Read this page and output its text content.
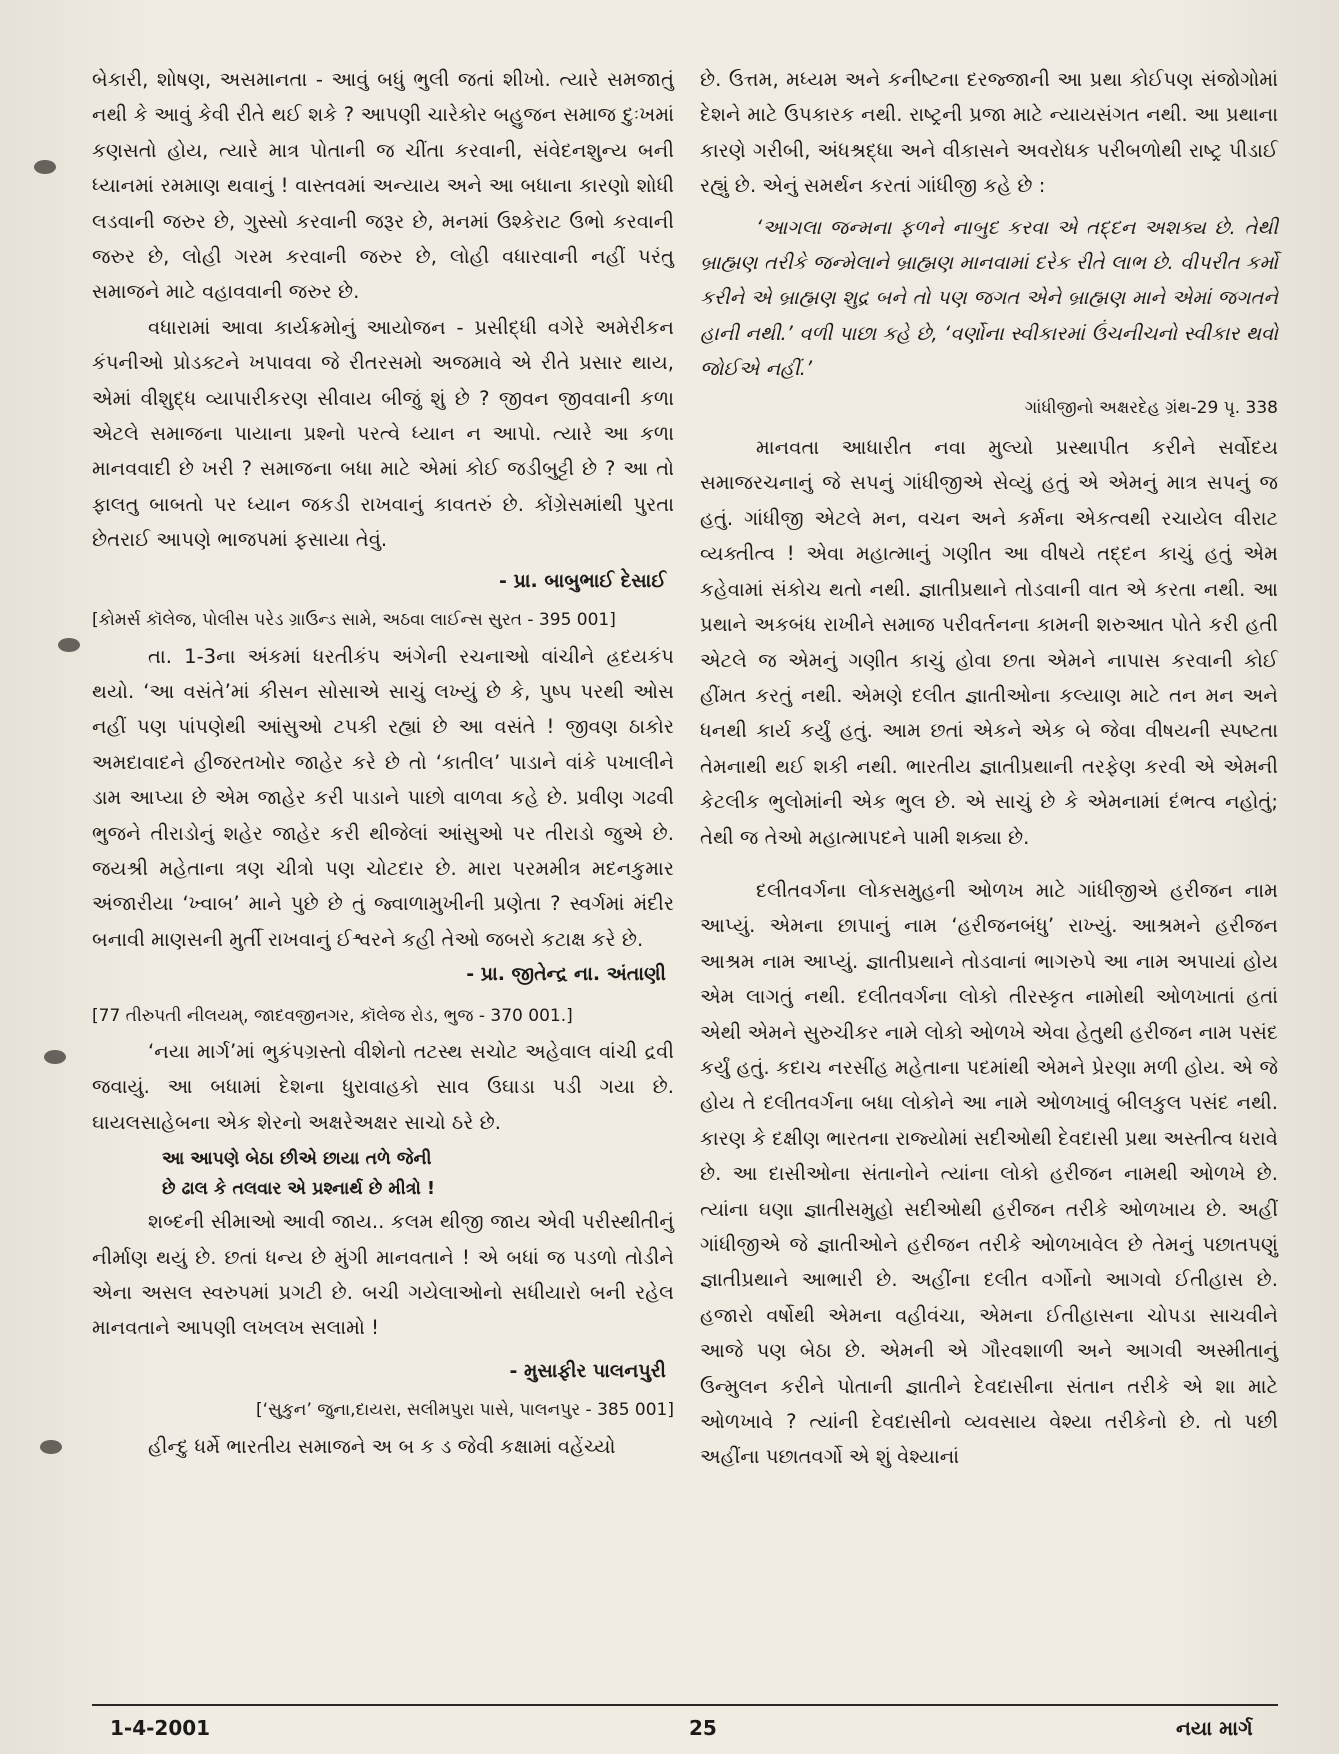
બેકારી, શોષણ, અસમાનતા - આવું બધું ભુલી જતાં શીખો. ત્યારે સમજાતું નથી કે આવું કેવી રીતે થઈ શકે ? આપણી ચારેકોર બહુજન સમાજ દુઃખમાં કણસતો હોય, ત્યારે માત્ર પોતાની જ ચીંતા કરવાની, સંવેદનશુન્ય બની ધ્યાનમાં રમમાણ થવાનું ! વાસ્તવમાં અન્યાય અને આ બધાના કારણો શોધી લડવાની જરુર છે, ગુસ્સો કરવાની જરૂર છે, મનમાં ઉશ્કેરાટ ઉભો કરવાની જરુર છે, લોહી ગરમ કરવાની જરુર છે, લોહી વધારવાની નહીં પરંતુ સમાજને માટે વહાવવાની જરુર છે.

વધારામાં આવા કાર્યક્રમોનું આયોજન - પ્રસીદ્ધી વગેરે અમેરીકન કંપનીઓ પ્રોડક્ટને ખપાવવા જે રીતરસમો અજમાવે એ રીતે પ્રસાર થાય, એમાં વીશુદ્ધ વ્યાપારીકરણ સીવાય બીજું શું છે ? જીવન જીવવાની કળા એટલે સમાજના પાયાના પ્રશ્નો પરત્વે ધ્યાન ન આપો. ત્યારે આ કળા માનવવાદી છે ખરી ? સમાજના બધા માટે એમાં કોઈ જડીબુટ્ટી છે ? આ તો ફાલતુ બાબતો પર ધ્યાન જકડી રાખવાનું કાવતરું છે. કોંગ્રેસમાંથી પુરતા છેતરાઈ આપણે ભાજપમાં ફસાયા તેવું.

- પ્રા. બાબુભાઈ દેસાઈ

[કોમર્સ કૉલેજ, પોલીસ પરેડ ગ્રાઉન્ડ સામે, અઠવા લાઈન્સ સુરત - 395 001]

તા. 1-3ના અંકમાં ધરતીકંપ અંગેની રચનાઓ વાંચીને હ્રદયકંપ થયો. ‘આ વસંતે’માં કીસન સોસાએ સાચું લખ્યું છે કે, પુષ્પ પરથી ઓસ નહીં પણ પાંપણેથી આંસુઓ ટપકી રહ્યાં છે આ વસંતે ! જીવણ ઠાકોર અમદાવાદને હીજરતખોર જાહેર કરે છે તો ‘કાતીલ’ પાડાને વાંકે પખાલીને ડામ આપ્યા છે એમ જાહેર કરી પાડાને પાછો વાળવા કહે છે. પ્રવીણ ગઢવી ભુજને તીરાડોનું શહેર જાહેર કરી થીજેલાં આંસુઓ પર તીરાડો જુએ છે. જયશ્રી મહેતાના ત્રણ ચીત્રો પણ ચોટદાર છે. મારા પરમમીત્ર મદનકુમાર અંજારીયા ‘ખ્વાબ’ માને પુછે છે તું જ્વાળામુખીની પ્રણેતા ? સ્વર્ગમાં મંદીર બનાવી માણસની મુર્તી રાખવાનું ઈશ્વરને કહી તેઓ જબરો કટાક્ષ કરે છે.

- પ્રા. જીતેન્દ્ર ના. અંતાણી

[77 તીરુપતી નીલયમ્, જાદવજીનગર, કૉલેજ રોડ, ભુજ - 370 001.]

‘નયા માર્ગ’માં ભુકંપગ્રસ્તો વીશેનો તટસ્થ સચોટ અહેવાલ વાંચી દ્રવી જવાયું. આ બધામાં દેશના ધુરાવાહકો સાવ ઉઘાડા પડી ગયા છે. ઘાયલસાહેબના એક શેરનો અક્ષરેઅક્ષર સાચો ઠરે છે.

આ આપણે બેઠા છીએ છાયા તળે જેની

છે ઢાલ કે તલવાર એ પ્રશ્નાર્થ છે મીત્રો !

શબ્દની સીમાઓ આવી જાય.. કલમ થીજી જાય એવી પરીસ્થીતીનું નીર્માણ થયું છે. છતાં ધન્ય છે મુંગી માનવતાને ! એ બધાં જ પડળો તોડીને એના અસલ સ્વરુપમાં પ્રગટી છે. બચી ગયેલાઓનો સધીયારો બની રહેલ માનવતાને આપણી લખલખ સલામો !

- મુસાફીર પાલનપુરી

[‘સુકુન’ જુના,દાયરા, સલીમપુરા પાસે, પાલનપુર - 385 001]

હીન્દુ ધર્મે ભારતીય સમાજને અ બ ક ડ જેવી કક્ષામાં વહેંચ્યો

છે. ઉત્તમ, મધ્યમ અને કનીષ્ટના દરજ્જાની આ પ્રથા કોઈપણ સંજોગોમાં દેશને માટે ઉપકારક નથી. રાષ્ટ્રની પ્રજા માટે ન્યાયસંગત નથી. આ પ્રથાના કારણે ગરીબી, અંધશ્રદ્ધા અને વીકાસને અવરોધક પરીબળોથી રાષ્ટ્ર પીડાઈ રહ્યું છે. એનું સમર્થન કરતાં ગાંધીજી કહે છે :

‘આગલા જન્મના ફળને નાબુદ કરવા એ તદ્દન અશક્ય છે. તેથી બ્રાહ્મણ તરીકે જન્મેલાને બ્રાહ્મણ માનવામાં દરેક રીતે લાભ છે. વીપરીત કર્મો કરીને એ બ્રાહ્મણ શુદ્ર બને તો પણ જગત એને બ્રાહ્મણ માને એમાં જગતને હાની નથી.’ વળી પાછા કહે છે, ‘વર્ણોના સ્વીકારમાં ઉંચનીચનો સ્વીકાર થવો જોઈએ નહીં.’

ગાંધીજીનો અક્ષરદેહ ગ્રંથ-29 પૃ. 338

માનવતા આધારીત નવા મુલ્યો પ્રસ્થાપીત કરીને સર્વોદય સમાજરચનાનું જે સપનું ગાંધીજીએ સેવ્યું હતું એ એમનું માત્ર સપનું જ હતું. ગાંધીજી એટલે મન, વચન અને કર્મના એકત્વથી રચાયેલ વીરાટ વ્યક્તીત્વ ! એવા મહાત્માનું ગણીત આ વીષયે તદ્દન કાચું હતું એમ કહેવામાં સંકોચ થતો નથી. જ્ઞાતીપ્રથાને તોડવાની વાત એ કરતા નથી. આ પ્રથાને અકબંધ રાખીને સમાજ પરીવર્તનના કામની શરુઆત પોતે કરી હતી એટલે જ એમનું ગણીત કાચું હોવા છતા એમને નાપાસ કરવાની કોઈ હીંમત કરતું નથી. એમણે દલીત જ્ઞાતીઓના કલ્યાણ માટે તન મન અને ધનથી કાર્ય કર્યું હતું. આમ છતાં એકને એક બે જેવા વીષયની સ્પષ્ટતા તેમનાથી થઈ શકી નથી. ભારતીય જ્ઞાતીપ્રથાની તરફેણ કરવી એ એમની કેટલીક ભુલોમાંની એક ભુલ છે. એ સાચું છે કે એમનામાં દંભત્વ નહોતું; તેથી જ તેઓ મહાત્માપદને પામી શક્યા છે.

દલીતવર્ગના લોકસમુહની ઓળખ માટે ગાંધીજીએ હરીજન નામ આપ્યું. એમના છાપાનું નામ ‘હરીજનબંધુ’ રાખ્યું. આશ્રમને હરીજન આશ્રમ નામ આપ્યું. જ્ઞાતીપ્રથાને તોડવાનાં ભાગરુપે આ નામ અપાયાં હોય એમ લાગતું નથી. દલીતવર્ગના લોકો તીરસ્કૃત નામોથી ઓળખાતાં હતાં એથી એમને સુરુચીકર નામે લોકો ઓળખે એવા હેતુથી હરીજન નામ પસંદ કર્યું હતું. કદાચ નરસીંહ મહેતાના પદમાંથી એમને પ્રેરણા મળી હોય. એ જે હોય તે દલીતવર્ગના બધા લોકોને આ નામે ઓળખાવું બીલકુલ પસંદ નથી. કારણ કે દક્ષીણ ભારતના રાજ્યોમાં સદીઓથી દેવદાસી પ્રથા અસ્તીત્વ ધરાવે છે. આ દાસીઓના સંતાનોને ત્યાંના લોકો હરીજન નામથી ઓળખે છે. ત્યાંના ઘણા જ્ઞાતીસમુહો સદીઓથી હરીજન તરીકે ઓળખાય છે. અહીં ગાંધીજીએ જે જ્ઞાતીઓને હરીજન તરીકે ઓળખાવેલ છે તેમનું પછાતપણું જ્ઞાતીપ્રથાને આભારી છે. અહીંના દલીત વર્ગોનો આગવો ઈતીહાસ છે. હજારો વર્ષોથી એમના વહીવંચા, એમના ઈતીહાસના ચોપડા સાચવીને આજે પણ બેઠા છે. એમની એ ગૌરવશાળી અને આગવી અસ્મીતાનું ઉન્મુલન કરીને પોતાની જ્ઞાતીને દેવદાસીના સંતાન તરીકે એ શા માટે ઓળખાવે ? ત્યાંની દેવદાસીનો વ્યવસાય વેશ્યા તરીકેનો છે. તો પછી અહીંના પછાતવર્ગો એ શું વેશ્યાનાં

1-4-2001	25	નયા માર્ગ
